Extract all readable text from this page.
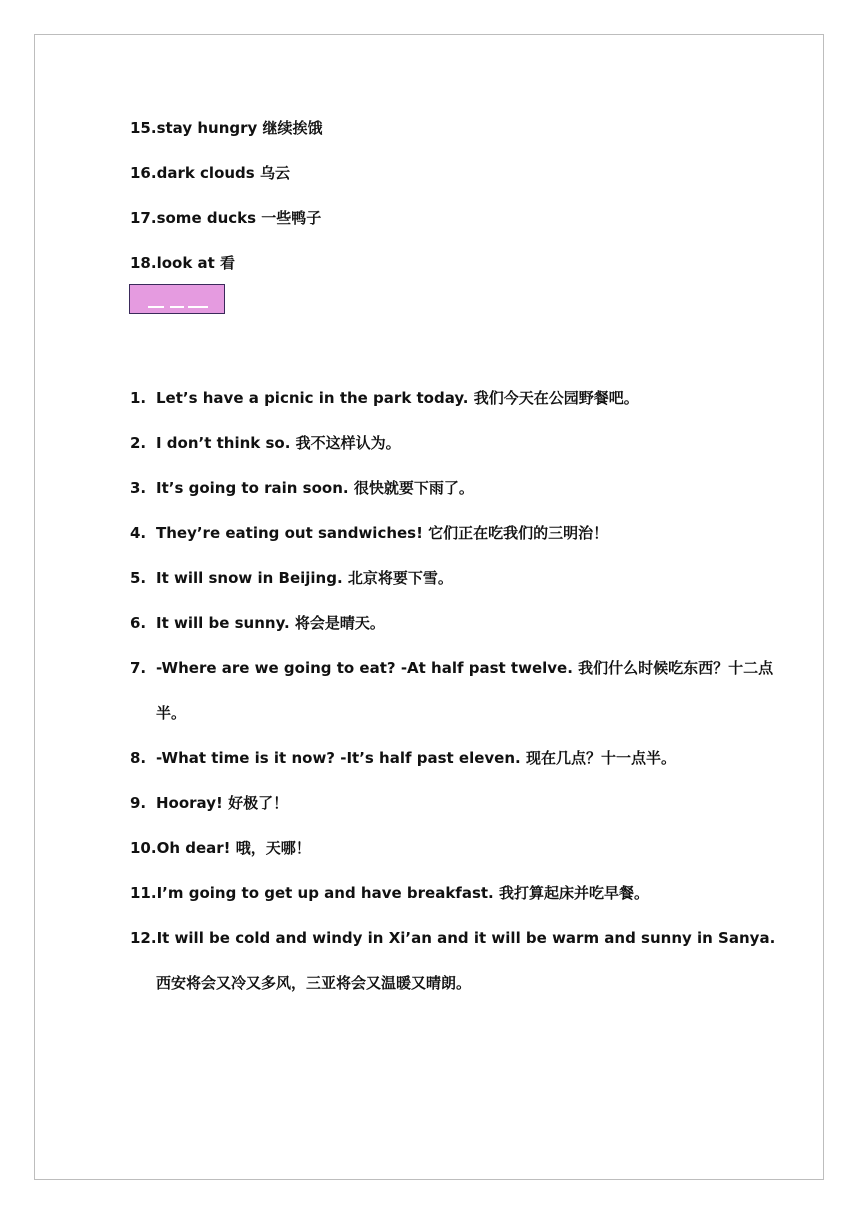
15.stay hungry 继续挨饿
16.dark clouds 乌云
17.some ducks 一些鸭子
18.look at 看
1. Let’s have a picnic in the park today. 我们今天在公园野餐吧。
2. I don’t think so. 我不这样认为。
3. It’s going to rain soon. 很快就要下雨了。
4. They’re eating out sandwiches! 它们正在吃我们的三明治！
5. It will snow in Beijing. 北京将要下雪。
6. It will be sunny. 将会是晴天。
7. -Where are we going to eat? -At half past twelve. 我们什么时候吃东西？十二点
半。
8. -What time is it now? -It’s half past eleven. 现在几点？十一点半。
9. Hooray! 好极了！
10.Oh dear! 哦，天哪！
11.I’m going to get up and have breakfast. 我打算起床并吃早餐。
12.It will be cold and windy in Xi’an and it will be warm and sunny in Sanya.
西安将会又冷又多风，三亚将会又温暖又晴朗。
